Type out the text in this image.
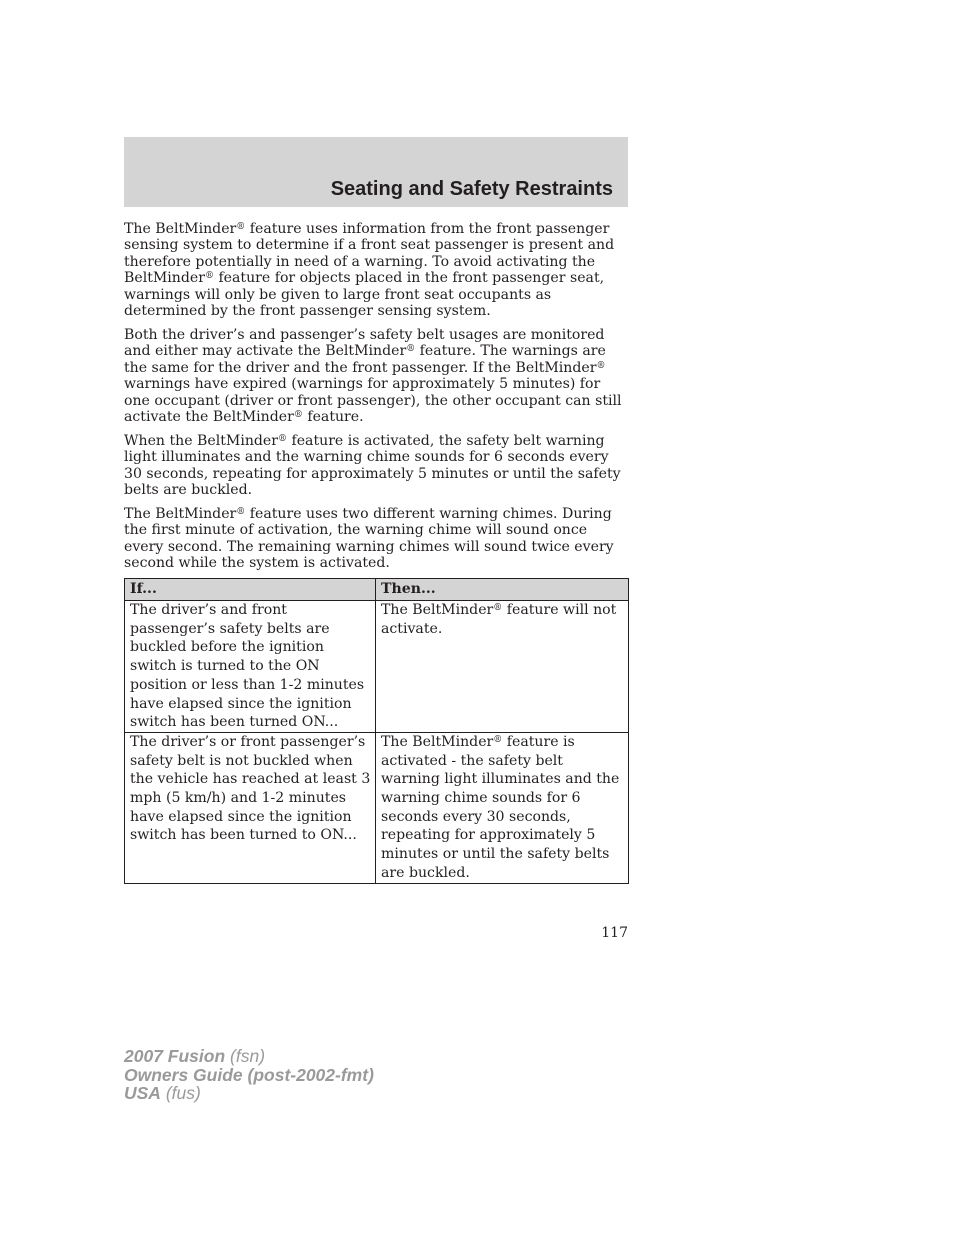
Seating and Safety Restraints

The BeltMinder® feature uses information from the front passenger sensing system to determine if a front seat passenger is present and therefore potentially in need of a warning. To avoid activating the BeltMinder® feature for objects placed in the front passenger seat, warnings will only be given to large front seat occupants as determined by the front passenger sensing system.

Both the driver’s and passenger’s safety belt usages are monitored and either may activate the BeltMinder® feature. The warnings are the same for the driver and the front passenger. If the BeltMinder® warnings have expired (warnings for approximately 5 minutes) for one occupant (driver or front passenger), the other occupant can still activate the BeltMinder® feature.

When the BeltMinder® feature is activated, the safety belt warning light illuminates and the warning chime sounds for 6 seconds every 30 seconds, repeating for approximately 5 minutes or until the safety belts are buckled.

The BeltMinder® feature uses two different warning chimes. During the first minute of activation, the warning chime will sound once every second. The remaining warning chimes will sound twice every second while the system is activated.

If...	Then...
The driver’s and front passenger’s safety belts are buckled before the ignition switch is turned to the ON position or less than 1-2 minutes have elapsed since the ignition switch has been turned ON...	The BeltMinder® feature will not activate.
The driver’s or front passenger’s safety belt is not buckled when the vehicle has reached at least 3 mph (5 km/h) and 1-2 minutes have elapsed since the ignition switch has been turned to ON...	The BeltMinder® feature is activated - the safety belt warning light illuminates and the warning chime sounds for 6 seconds every 30 seconds, repeating for approximately 5 minutes or until the safety belts are buckled.
117
2007 Fusion (fsn)
Owners Guide (post-2002-fmt)
USA (fus)
